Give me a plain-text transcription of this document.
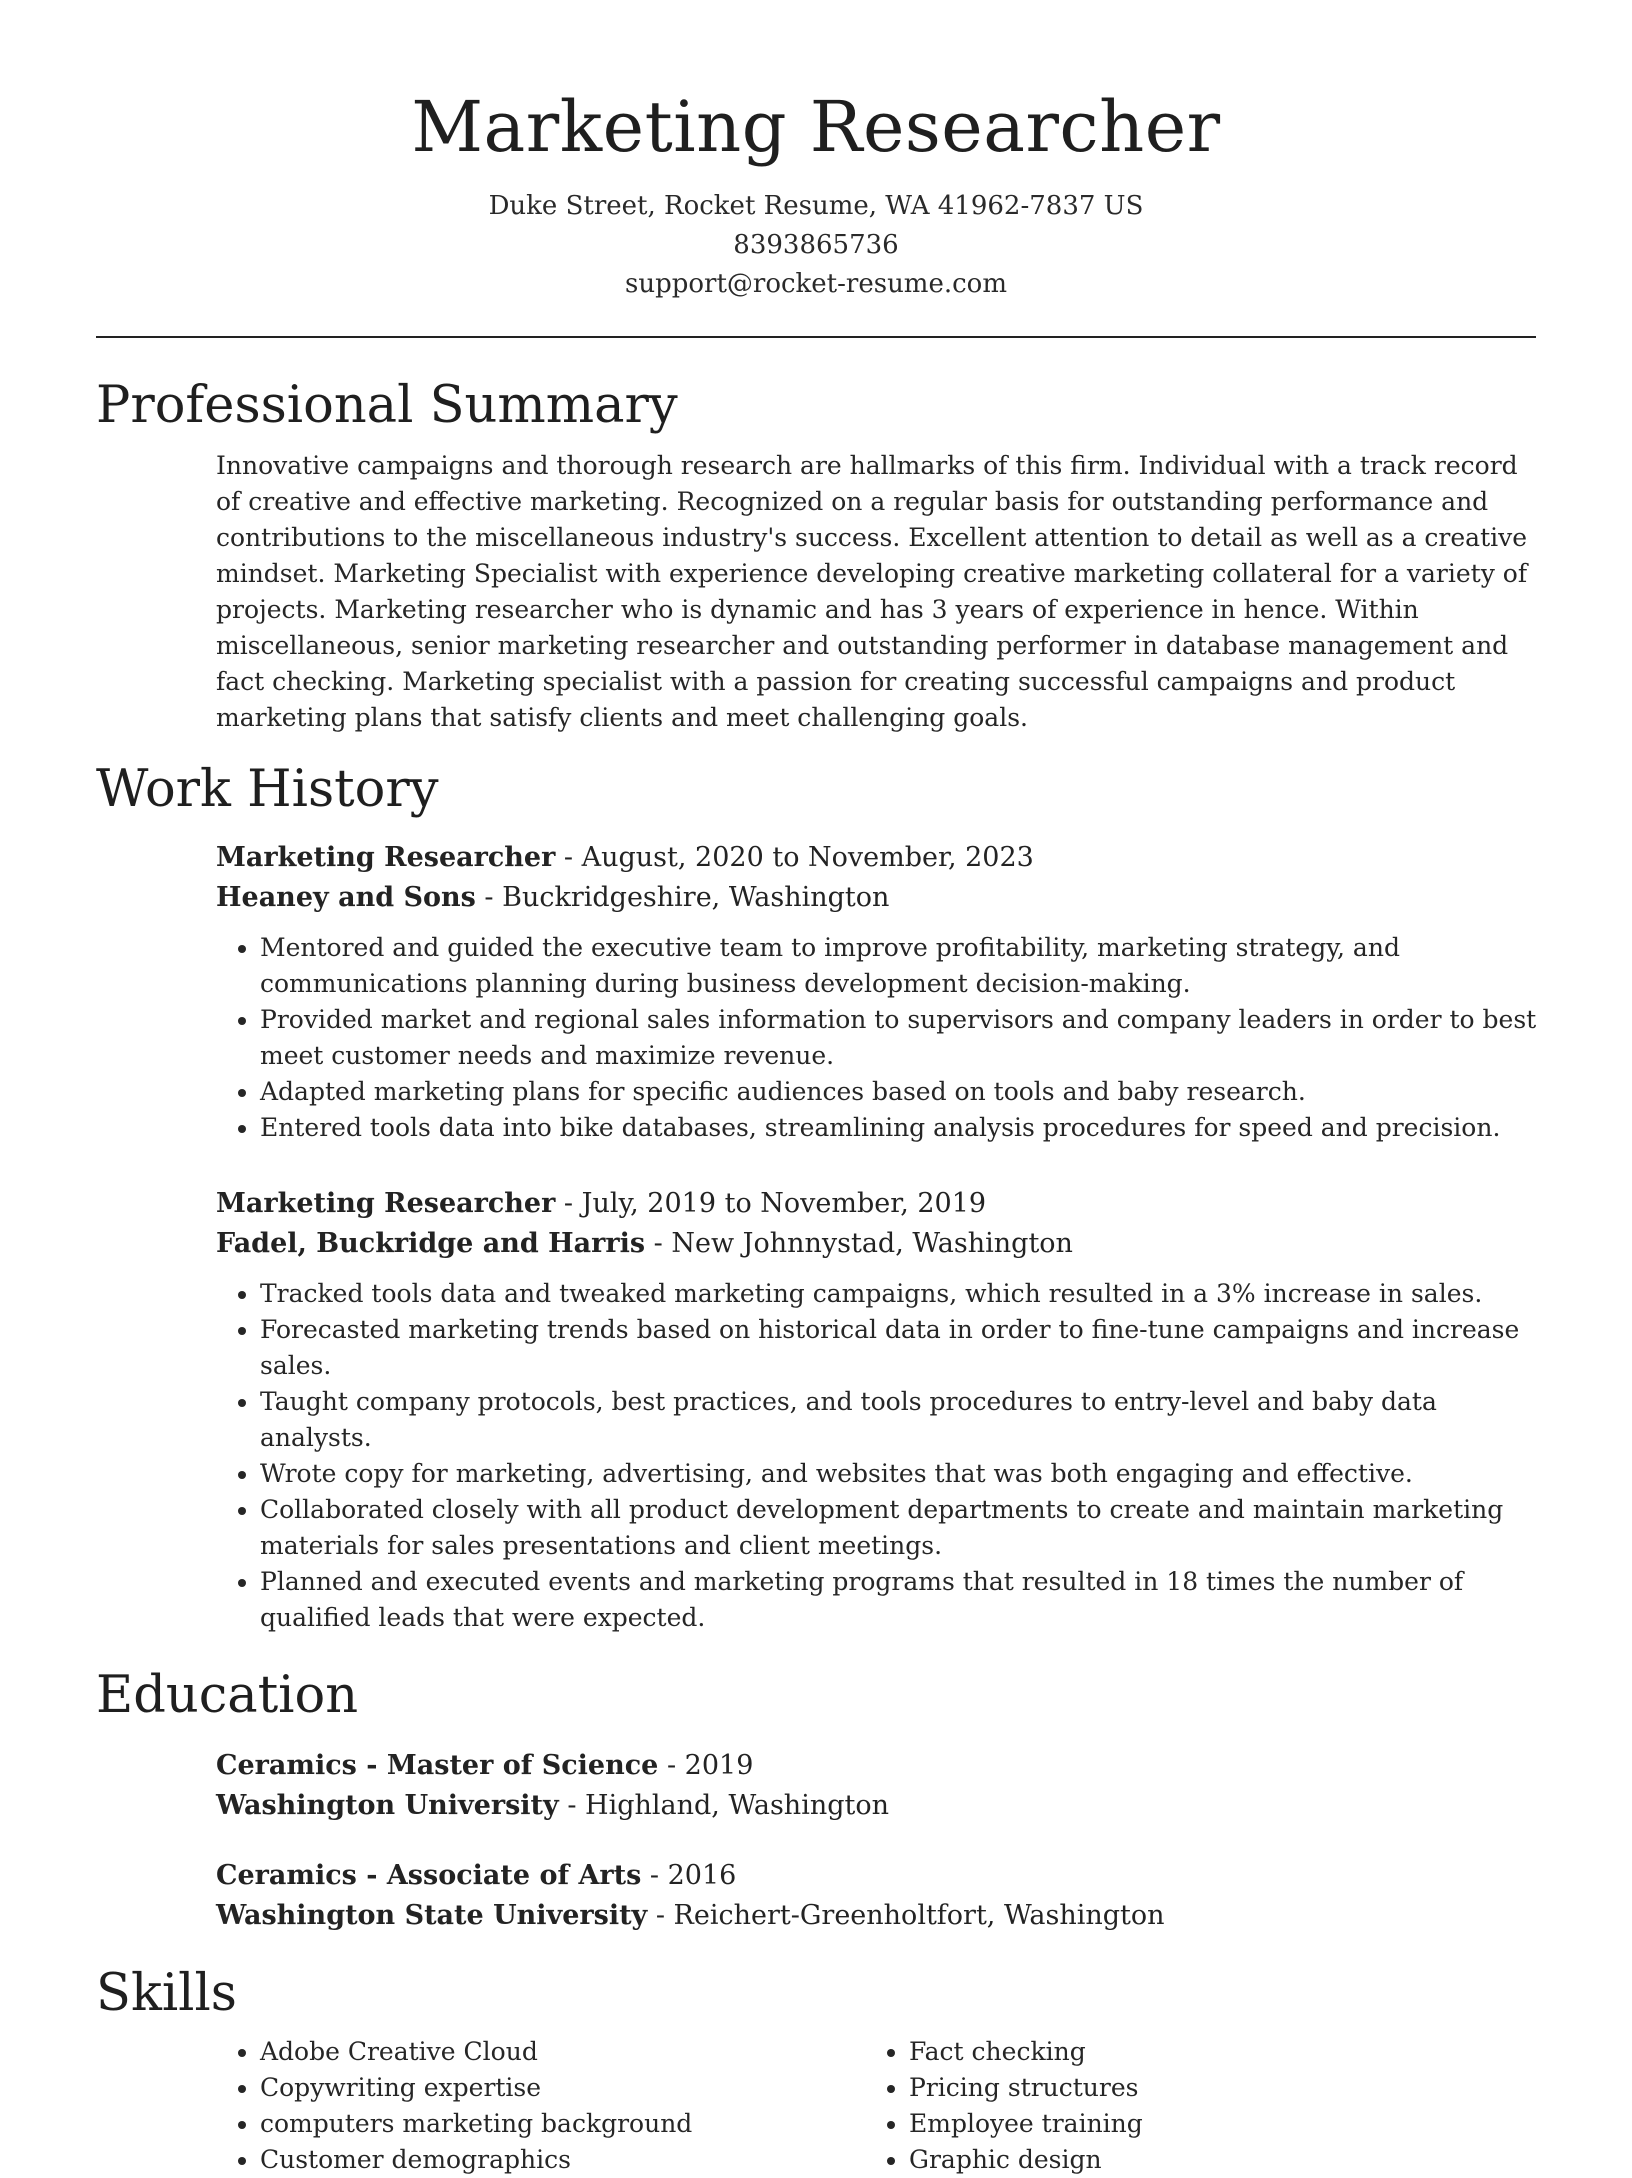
Marketing Researcher
Duke Street, Rocket Resume, WA 41962-7837 US
8393865736
support@rocket-resume.com
Professional Summary
Innovative campaigns and thorough research are hallmarks of this firm. Individual with a track record of creative and effective marketing. Recognized on a regular basis for outstanding performance and contributions to the miscellaneous industry's success. Excellent attention to detail as well as a creative mindset. Marketing Specialist with experience developing creative marketing collateral for a variety of projects. Marketing researcher who is dynamic and has 3 years of experience in hence. Within miscellaneous, senior marketing researcher and outstanding performer in database management and fact checking. Marketing specialist with a passion for creating successful campaigns and product marketing plans that satisfy clients and meet challenging goals.
Work History
Marketing Researcher - August, 2020 to November, 2023
Heaney and Sons - Buckridgeshire, Washington
• Mentored and guided the executive team to improve profitability, marketing strategy, and communications planning during business development decision-making.
• Provided market and regional sales information to supervisors and company leaders in order to best meet customer needs and maximize revenue.
• Adapted marketing plans for specific audiences based on tools and baby research.
• Entered tools data into bike databases, streamlining analysis procedures for speed and precision.
Marketing Researcher - July, 2019 to November, 2019
Fadel, Buckridge and Harris - New Johnnystad, Washington
• Tracked tools data and tweaked marketing campaigns, which resulted in a 3% increase in sales.
• Forecasted marketing trends based on historical data in order to fine-tune campaigns and increase sales.
• Taught company protocols, best practices, and tools procedures to entry-level and baby data analysts.
• Wrote copy for marketing, advertising, and websites that was both engaging and effective.
• Collaborated closely with all product development departments to create and maintain marketing materials for sales presentations and client meetings.
• Planned and executed events and marketing programs that resulted in 18 times the number of qualified leads that were expected.
Education
Ceramics - Master of Science - 2019
Washington University - Highland, Washington
Ceramics - Associate of Arts - 2016
Washington State University - Reichert-Greenholtfort, Washington
Skills
• Adobe Creative Cloud
• Copywriting expertise
• computers marketing background
• Customer demographics
• Fact checking
• Pricing structures
• Employee training
• Graphic design
